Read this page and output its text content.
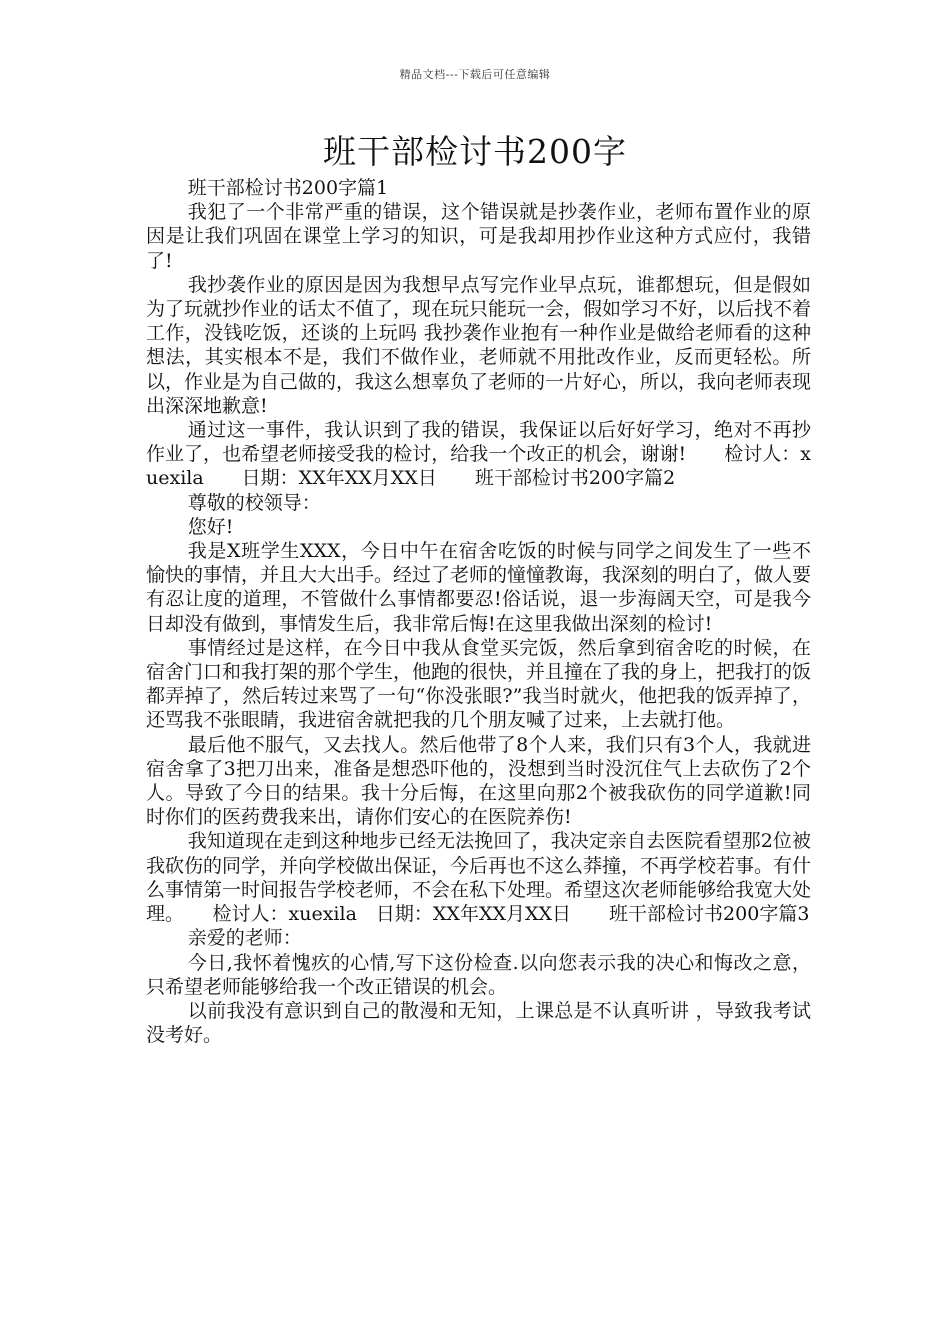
精品文档---下载后可任意编辑
班干部检讨书200字

班干部检讨书200字篇1

我犯了一个非常严重的错误，这个错误就是抄袭作业，老师布置作业的原因是让我们巩固在课堂上学习的知识，可是我却用抄作业这种方式应付，我错了!

我抄袭作业的原因是因为我想早点写完作业早点玩，谁都想玩，但是假如为了玩就抄作业的话太不值了，现在玩只能玩一会，假如学习不好，以后找不着工作，没钱吃饭，还谈的上玩吗 我抄袭作业抱有一种作业是做给老师看的这种想法，其实根本不是，我们不做作业，老师就不用批改作业，反而更轻松。所以，作业是为自己做的，我这么想辜负了老师的一片好心，所以，我向老师表现出深深地歉意!

通过这一事件，我认识到了我的错误，我保证以后好好学习，绝对不再抄作业了，也希望老师接受我的检讨，给我一个改正的机会，谢谢!　　检讨人：xuexila　　日期：XX年XX月XX日　　班干部检讨书200字篇2

尊敬的校领导：

您好!

我是X班学生XXX，今日中午在宿舍吃饭的时候与同学之间发生了一些不愉快的事情，并且大大出手。经过了老师的憧憧教诲，我深刻的明白了，做人要有忍让度的道理，不管做什么事情都要忍!俗话说，退一步海阔天空，可是我今日却没有做到，事情发生后，我非常后悔!在这里我做出深刻的检讨!

事情经过是这样，在今日中我从食堂买完饭，然后拿到宿舍吃的时候，在宿舍门口和我打架的那个学生，他跑的很快，并且撞在了我的身上，把我打的饭都弄掉了，然后转过来骂了一句“你没张眼?”我当时就火，他把我的饭弄掉了，还骂我不张眼睛，我进宿舍就把我的几个朋友喊了过来，上去就打他。

最后他不服气，又去找人。然后他带了8个人来，我们只有3个人，我就进宿舍拿了3把刀出来，准备是想恐吓他的，没想到当时没沉住气上去砍伤了2个人。导致了今日的结果。我十分后悔，在这里向那2个被我砍伤的同学道歉!同时你们的医药费我来出，请你们安心的在医院养伤!

我知道现在走到这种地步已经无法挽回了，我决定亲自去医院看望那2位被我砍伤的同学，并向学校做出保证，今后再也不这么莽撞，不再学校若事。有什么事情第一时间报告学校老师，不会在私下处理。希望这次老师能够给我宽大处理。　　检讨人：xuexila　日期：XX年XX月XX日　　班干部检讨书200字篇3

亲爱的老师：

今日,我怀着愧疚的心情,写下这份检查.以向您表示我的决心和悔改之意，只希望老师能够给我一个改正错误的机会。

以前我没有意识到自己的散漫和无知，上课总是不认真听讲 ，导致我考试没考好。
